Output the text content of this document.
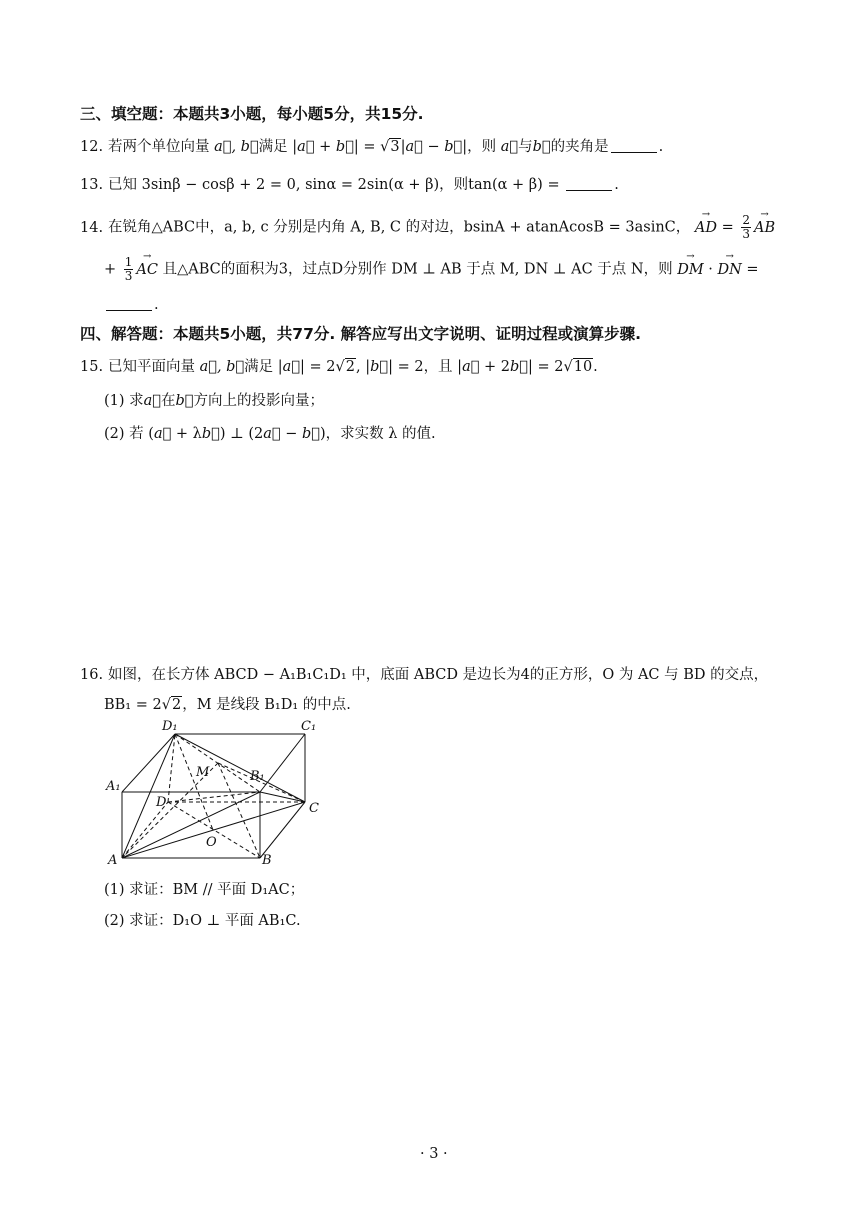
三、填空题：本题共3小题，每小题5分，共15分.
12. 若两个单位向量 a⃗, b⃗满足 |a⃗ + b⃗| = √3|a⃗ − b⃗|，则 a⃗与b⃗的夹角是	.
13. 已知 3sinβ − cosβ + 2 = 0, sinα = 2sin(α + β)，则tan(α + β) =	.
14. 在锐角△ABC中，a, b, c 分别是内角 A, B, C 的对边，bsinA + atanAcosB = 3asinC， AD → = $\frac{2}{3}$ AB →
+ $\frac{1}{3}$ AC → 且△ABC的面积为3，过点D分别作 DM ⊥ AB 于点 M, DN ⊥ AC 于点 N，则 DM → · DN → =
.
四、解答题：本题共5小题，共77分. 解答应写出文字说明、证明过程或演算步骤.
15. 已知平面向量 a⃗, b⃗满足 |a⃗| = 2√2, |b⃗| = 2，且 |a⃗ + 2b⃗| = 2√10.
(1) 求a⃗在b⃗方向上的投影向量；
(2) 若 (a⃗ + λb⃗) ⊥ (2a⃗ − b⃗)，求实数 λ 的值.
16. 如图，在长方体 ABCD − A₁B₁C₁D₁ 中，底面 ABCD 是边长为4的正方形，O 为 AC 与 BD 的交点，
BB₁ = 2√2，M 是线段 B₁D₁ 的中点.
D₁	C₁
A₁
B₁
M
D	C
O
A	B
(1) 求证：BM // 平面 D₁AC；
(2) 求证：D₁O ⊥ 平面 AB₁C.
· 3 ·
